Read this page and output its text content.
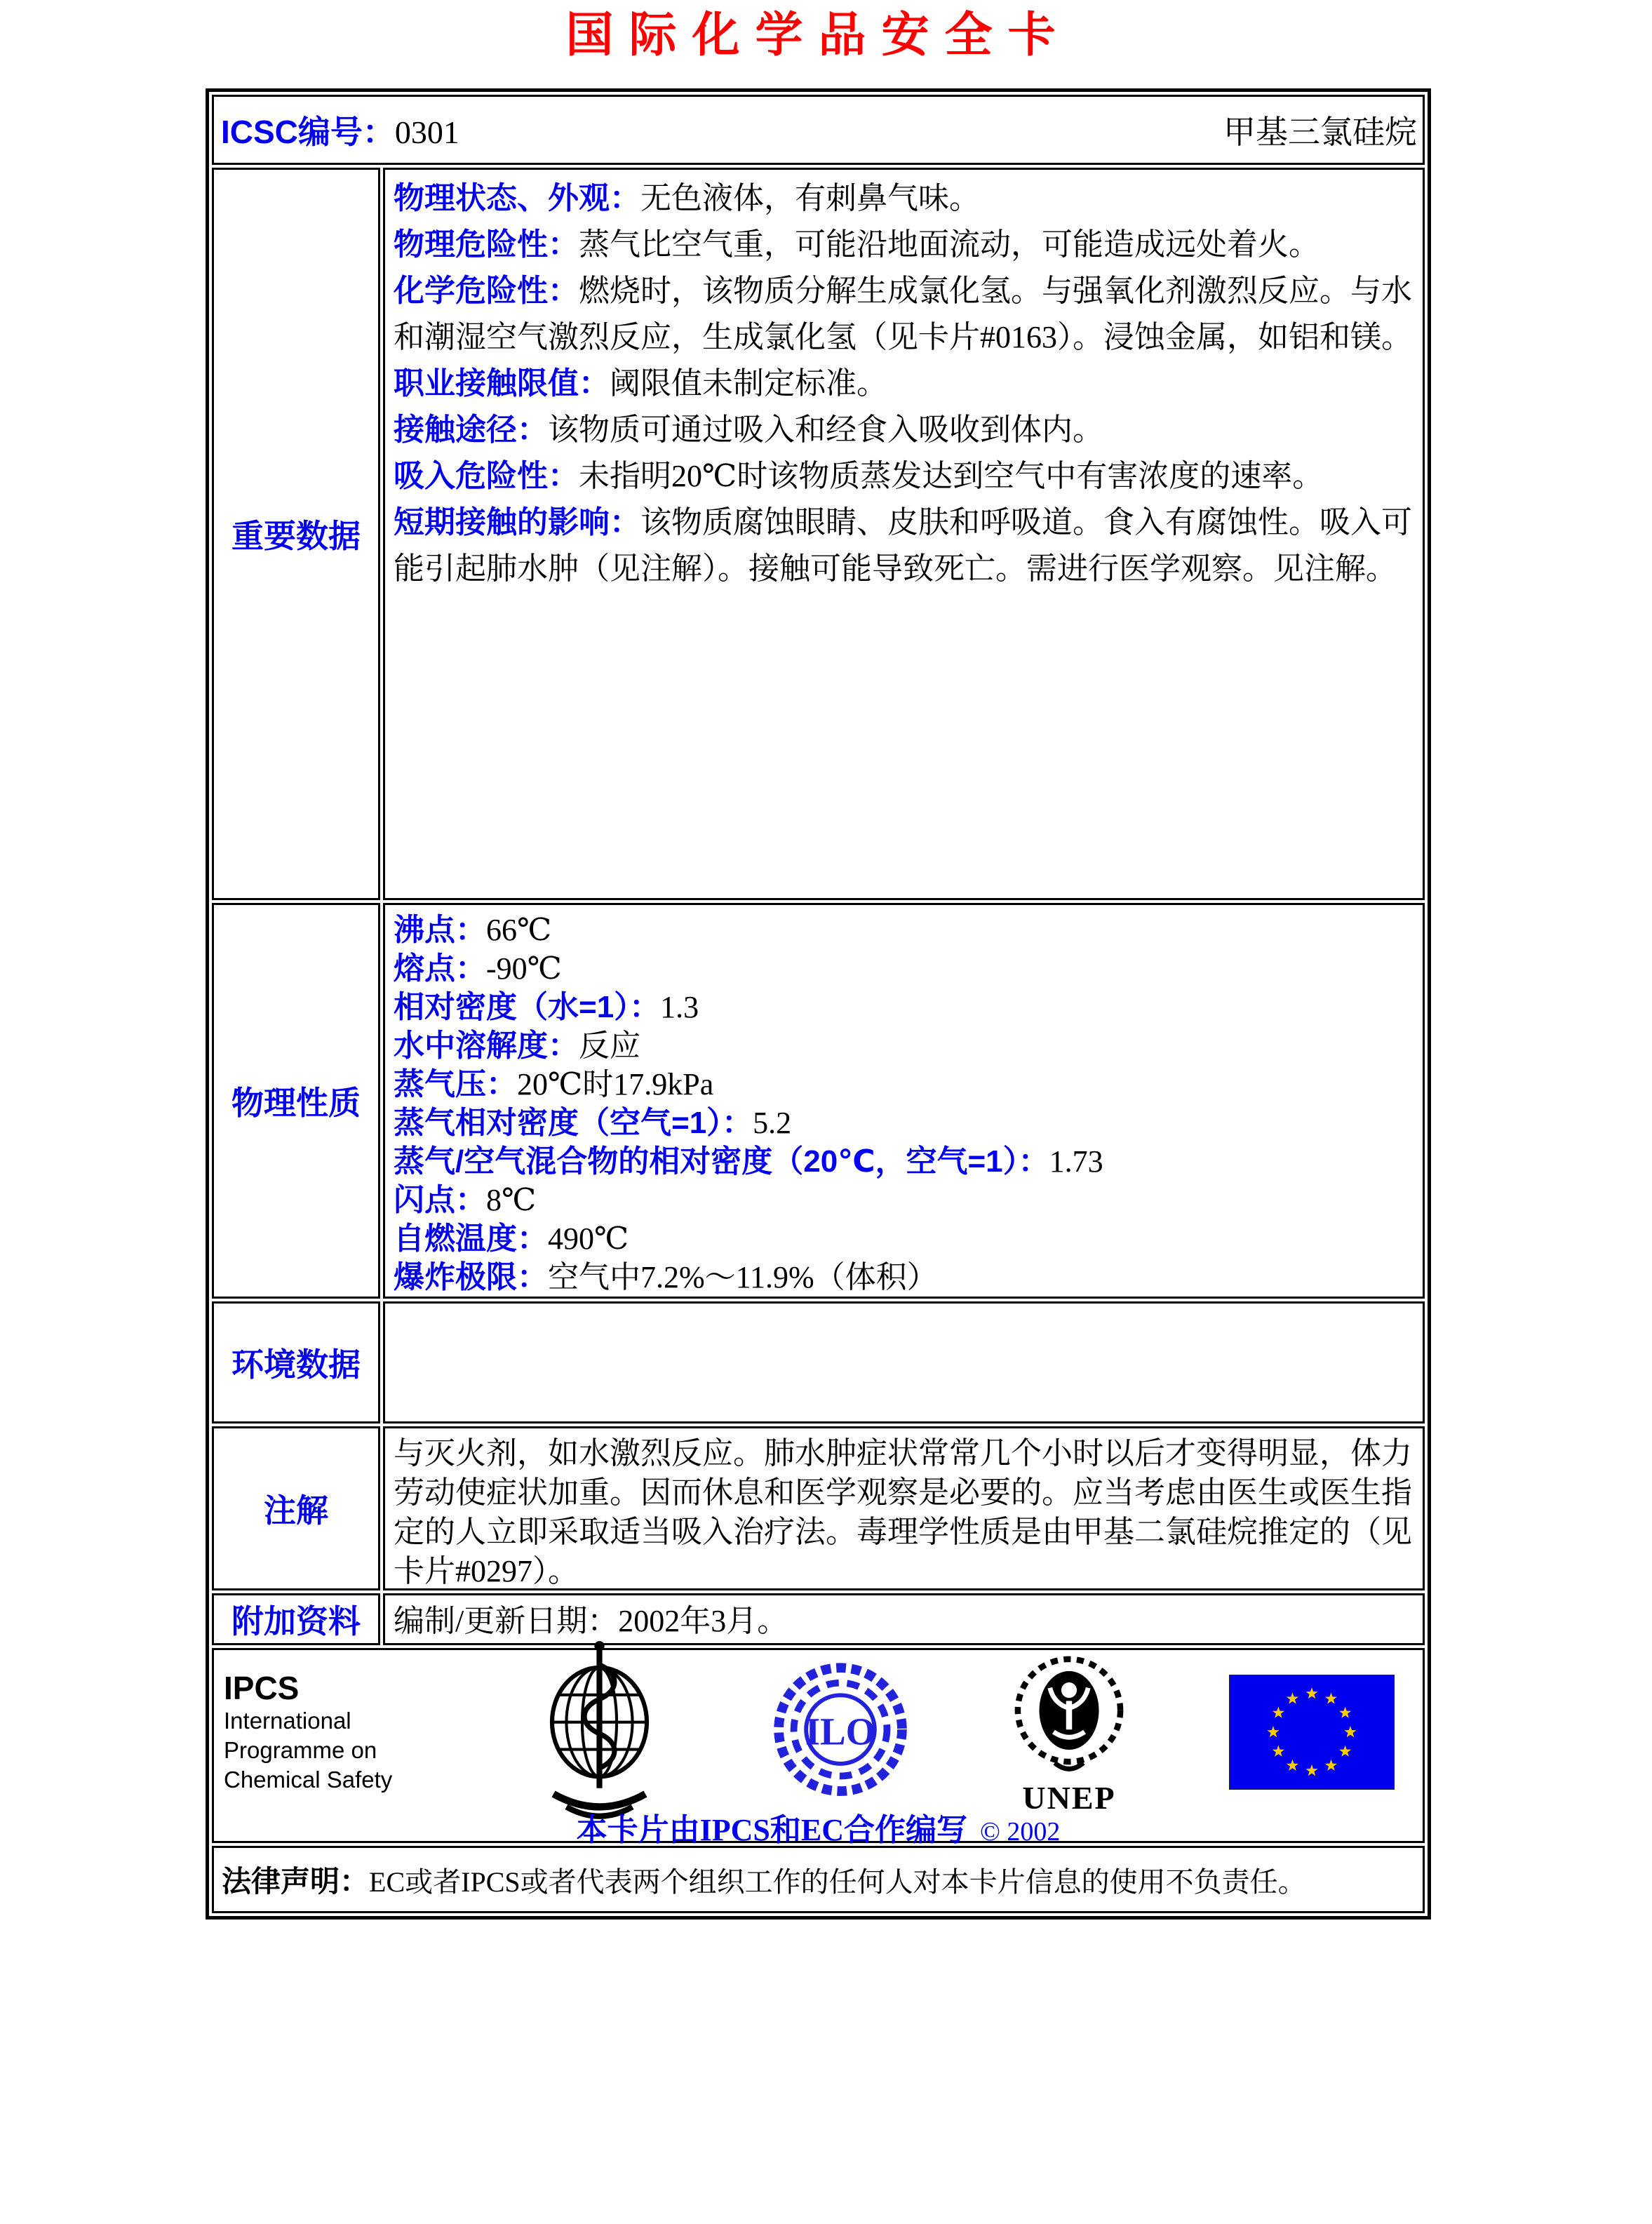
国际化学品安全卡
ICSC编号：0301 甲基三氯硅烷	

重要数据	
物理状态、外观：无色液体，有刺鼻气味。
物理危险性：蒸气比空气重，可能沿地面流动，可能造成远处着火。
化学危险性：燃烧时，该物质分解生成氯化氢。与强氧化剂激烈反应。与水和潮湿空气激烈反应，生成氯化氢（见卡片#0163）。浸蚀金属，如铝和镁。
职业接触限值：阈限值未制定标准。
接触途径：该物质可通过吸入和经食入吸收到体内。
吸入危险性：未指明20℃时该物质蒸发达到空气中有害浓度的速率。
短期接触的影响：该物质腐蚀眼睛、皮肤和呼吸道。食入有腐蚀性。吸入可能引起肺水肿（见注解）。接触可能导致死亡。需进行医学观察。见注解。

物理性质	
沸点：66℃
熔点：-90℃
相对密度（水=1）：1.3
水中溶解度：反应
蒸气压：20℃时17.9kPa
蒸气相对密度（空气=1）：5.2
蒸气/空气混合物的相对密度（20℃，空气=1）：1.73
闪点：8℃
自燃温度：490℃
爆炸极限：空气中7.2%～11.9%（体积）

环境数据	

注解	与灭火剂，如水激烈反应。肺水肿症状常常几个小时以后才变得明显，体力劳动使症状加重。因而休息和医学观察是必要的。应当考虑由医生或医生指定的人立即采取适当吸入治疗法。毒理学性质是由甲基二氯硅烷推定的（见卡片#0297）。

附加资料	编制/更新日期：2002年3月。

IPCS
International
Programme on
Chemical Safety
ILO
UNEP
本卡片由IPCS和EC合作编写 © 2002

法律声明： EC或者IPCS或者代表两个组织工作的任何人对本卡片信息的使用不负责任。	
